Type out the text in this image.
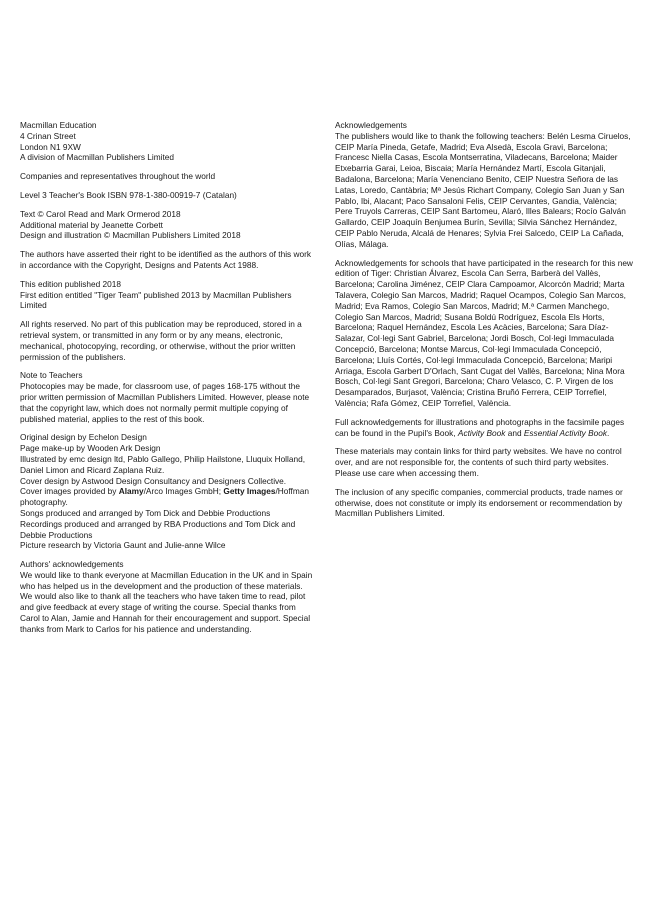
Macmillan Education
4 Crinan Street
London N1 9XW
A division of Macmillan Publishers Limited

Companies and representatives throughout the world

Level 3 Teacher's Book ISBN 978-1-380-00919-7 (Catalan)

Text © Carol Read and Mark Ormerod 2018
Additional material by Jeanette Corbett
Design and illustration © Macmillan Publishers Limited 2018

The authors have asserted their right to be identified as the authors of this work in accordance with the Copyright, Designs and Patents Act 1988.

This edition published 2018
First edition entitled "Tiger Team" published 2013 by Macmillan Publishers Limited

All rights reserved. No part of this publication may be reproduced, stored in a retrieval system, or transmitted in any form or by any means, electronic, mechanical, photocopying, recording, or otherwise, without the prior written permission of the publishers.

Note to Teachers

Photocopies may be made, for classroom use, of pages 168-175 without the prior written permission of Macmillan Publishers Limited. However, please note that the copyright law, which does not normally permit multiple copying of published material, applies to the rest of this book.

Original design by Echelon Design
Page make-up by Wooden Ark Design
Illustrated by emc design ltd, Pablo Gallego, Philip Hailstone, Lluquix Holland, Daniel Limon and Ricard Zaplana Ruiz.
Cover design by Astwood Design Consultancy and Designers Collective.
Cover images provided by Alamy/Arco Images GmbH; Getty Images/Hoffman photography.
Songs produced and arranged by Tom Dick and Debbie Productions
Recordings produced and arranged by RBA Productions and Tom Dick and Debbie Productions
Picture research by Victoria Gaunt and Julie-anne Wilce
Authors' acknowledgements

We would like to thank everyone at Macmillan Education in the UK and in Spain who has helped us in the development and the production of these materials. We would also like to thank all the teachers who have taken time to read, pilot and give feedback at every stage of writing the course. Special thanks from Carol to Alan, Jamie and Hannah for their encouragement and support. Special thanks from Mark to Carlos for his patience and understanding.

Acknowledgements

The publishers would like to thank the following teachers: Belén Lesma Ciruelos, CEIP María Pineda, Getafe, Madrid; Eva Alsedà, Escola Gravi, Barcelona; Francesc Niella Casas, Escola Montserratina, Viladecans, Barcelona; Maider Etxebarria Garai, Leioa, Biscaia; María Hernández Martí, Escola Gitanjali, Badalona, Barcelona; María Venenciano Benito, CEIP Nuestra Señora de las Latas, Loredo, Cantàbria; Mª Jesús Richart Company, Colegio San Juan y San Pablo, Ibi, Alacant; Paco Sansaloni Felis, CEIP Cervantes, Gandia, València; Pere Truyols Carreras, CEIP Sant Bartomeu, Alaró, Illes Balears; Rocío Galván Gallardo, CEIP Joaquín Benjumea Burín, Sevilla; Silvia Sánchez Hernández, CEIP Pablo Neruda, Alcalá de Henares; Sylvia Frei Salcedo, CEIP La Cañada, Olías, Málaga.

Acknowledgements for schools that have participated in the research for this new edition of Tiger: Christian Álvarez, Escola Can Serra, Barberà del Vallès, Barcelona; Carolina Jiménez, CEIP Clara Campoamor, Alcorcón Madrid; Marta Talavera, Colegio San Marcos, Madrid; Raquel Ocampos, Colegio San Marcos, Madrid; Eva Ramos, Colegio San Marcos, Madrid; M.ª Carmen Manchego, Colegio San Marcos, Madrid; Susana Boldú Rodríguez, Escola Els Horts, Barcelona; Raquel Hernández, Escola Les Acàcies, Barcelona; Sara Díaz-Salazar, Col·legi Sant Gabriel, Barcelona; Jordi Bosch, Col·legi Immaculada Concepció, Barcelona; Montse Marcus, Col·legi Immaculada Concepció, Barcelona; Lluís Cortés, Col·legi Immaculada Concepció, Barcelona; Maripi Arriaga, Escola Garbert D'Orlach, Sant Cugat del Vallès, Barcelona; Nina Mora Bosch, Col·legi Sant Gregori, Barcelona; Charo Velasco, C. P. Virgen de los Desamparados, Burjasot, València; Cristina Bruñó Ferrera, CEIP Torrefiel, València; Rafa Gómez, CEIP Torrefiel, València.

Full acknowledgements for illustrations and photographs in the facsimile pages can be found in the Pupil's Book, Activity Book and Essential Activity Book.

These materials may contain links for third party websites. We have no control over, and are not responsible for, the contents of such third party websites. Please use care when accessing them.

The inclusion of any specific companies, commercial products, trade names or otherwise, does not constitute or imply its endorsement or recommendation by Macmillan Publishers Limited.
